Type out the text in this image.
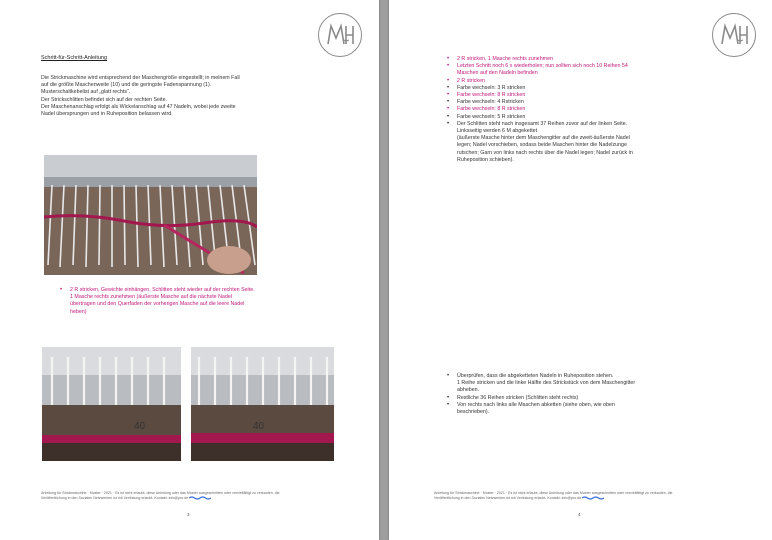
Schritt-für-Schritt-Anleitung
Die Strickmaschine wird entsprechend der Maschengröße eingestellt; in meinem Fall
auf die größte Maschenweite (10) und die geringste Fadenspannung (1).
Musterschaltkebelist auf „glatt rechts“.
Der Strickschlitten befindet sich auf der rechten Seite.
Der Maschenanschlag erfolgt als Wickelanschlag auf 47 Nadeln, wobei jede zweite
Nadel übersprungen und in Ruheposition belassen wird.
• 2 R stricken, Gewichte einhängen, Schlitten steht wieder auf der rechten Seite.
1 Masche rechts zunehmen (äußerste Masche auf die nächste Nadel
übertragen und den Querfaden der vorherigen Masche auf die leere Nadel
heben)
40	40
Anleitung für Strickmaschine · Muster · 2021 · Es ist nicht erlaubt, diese Anleitung oder das Muster ausgeschnitten oder vervielfältigt zu verkaufen, die
Veröffentlichung in den Sozialen Netzwerken ist mit Verlinkung erlaubt. Kontakt: info@pro.de
3
• 2 R stricken, 1 Masche rechts zunehmen
• Letzten Schritt noch 6 x wiederholen; nun sollten sich noch 10 Reihen 54
Maschen auf den Nadeln befinden
• 2 R stricken
• Farbe wechseln: 3 R stricken
• Farbe wechseln: 8 R stricken
• Farbe wechseln: 4 Rstricken
• Farbe wechseln: 8 R stricken
• Farbe wechseln: 5 R stricken
• Der Schlitten steht nach insgesamt 37 Reihen zuvor auf der linken Seite.
Linksseitig werden 6 M abgekettet
(äußerste Masche hinter dem Maschengitter auf die zweit-äußerste Nadel
legen; Nadel vorschieben, sodass beide Maschen hinter die Nadelzunge
rutschen; Garn von links nach rechts über die Nadel legen; Nadel zurück in
Ruheposition schieben).
• Überprüfen, dass die abgeketteten Nadeln in Ruheposition stehen.
1 Reihe stricken und die linke Hälfte des Strickstück von dem Maschengitter
abheben.
• Restliche 36 Reihen stricken (Schlitten steht rechts)
• Von rechts nach links alle Maschen abketten (siehe oben, wie oben
beschrieben).
Anleitung für Strickmaschine · Muster · 2021 · Es ist nicht erlaubt, diese Anleitung oder das Muster ausgeschnitten oder vervielfältigt zu verkaufen, die
Veröffentlichung in den Sozialen Netzwerken ist mit Verlinkung erlaubt. Kontakt: info@pro.de
4
